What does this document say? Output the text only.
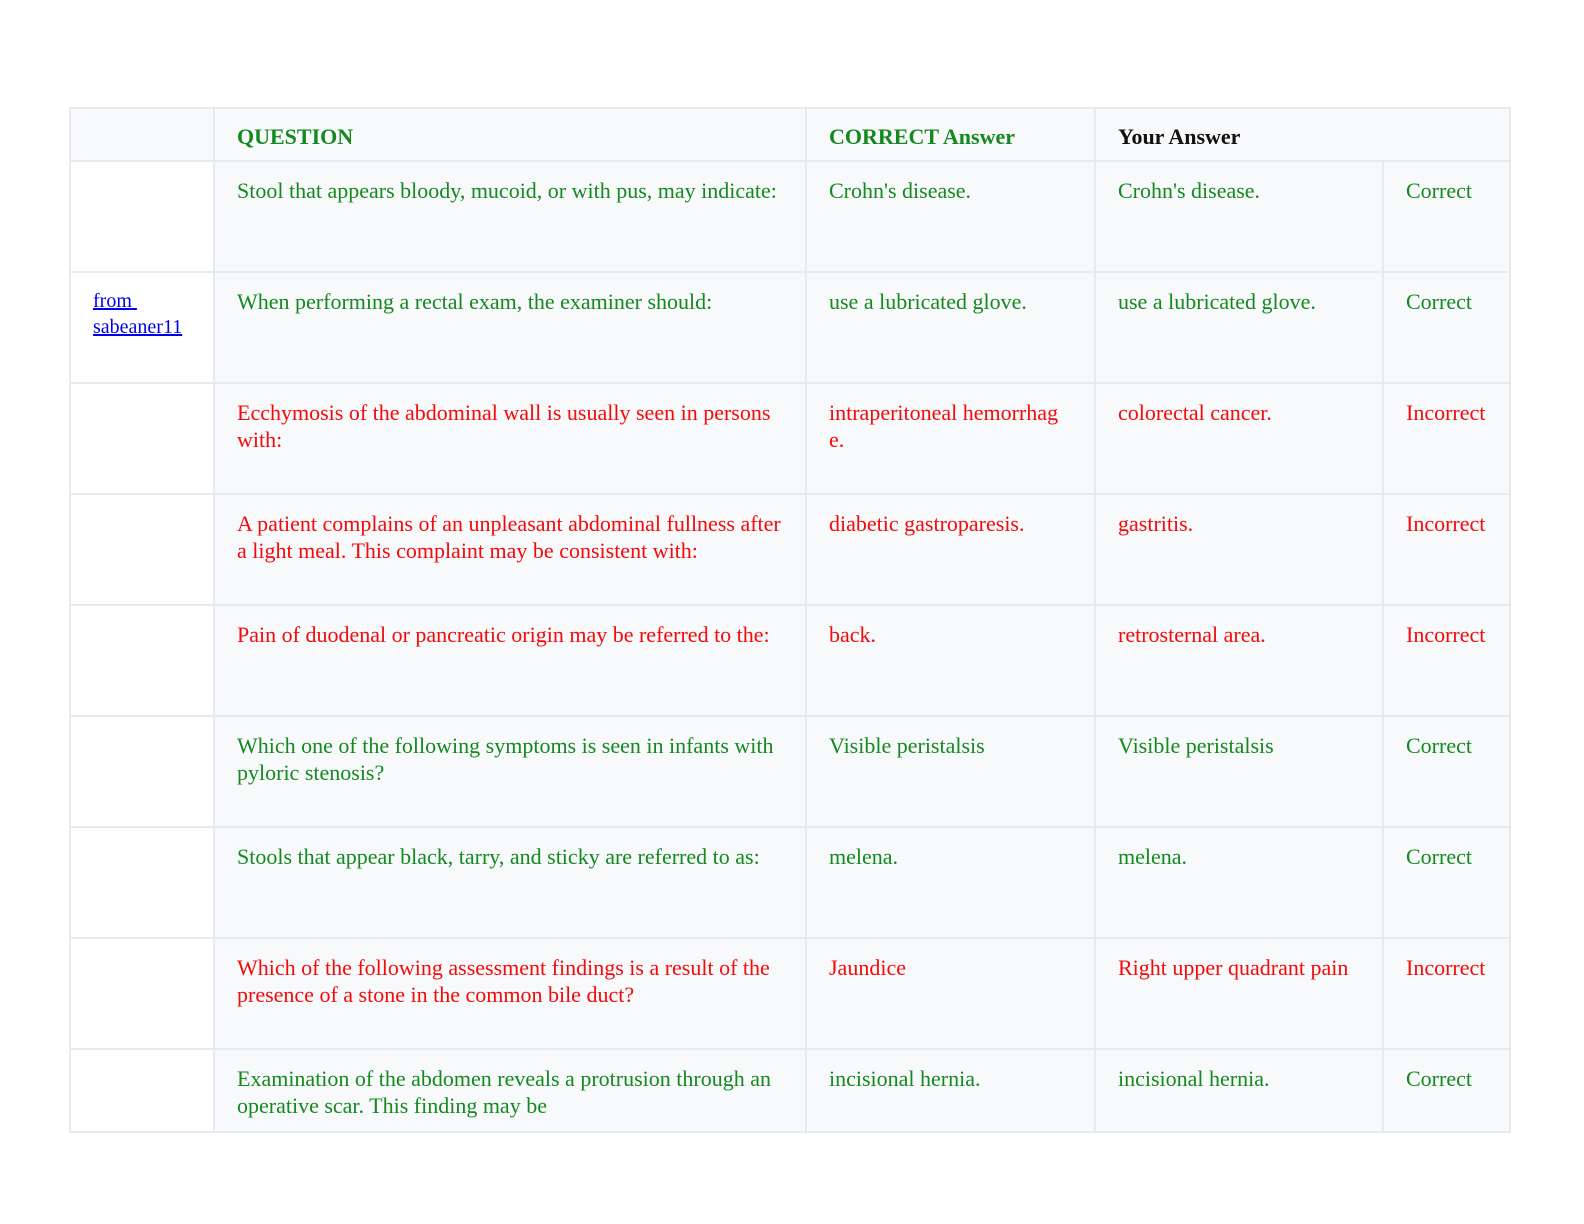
	QUESTION	CORRECT Answer	Your Answer	
	Stool that appears bloody, mucoid, or with pus, may indicate:	Crohn's disease.	Crohn's disease.	Correct
from
sabeaner11	When performing a rectal exam, the examiner should:	use a lubricated glove.	use a lubricated glove.	Correct
	Ecchymosis of the abdominal wall is usually seen in persons with:	intraperitoneal hemorrhage.	colorectal cancer.	Incorrect
	A patient complains of an unpleasant abdominal fullness after a light meal. This complaint may be consistent with:	diabetic gastroparesis.	gastritis.	Incorrect
	Pain of duodenal or pancreatic origin may be referred to the:	back.	retrosternal area.	Incorrect
	Which one of the following symptoms is seen in infants with pyloric stenosis?	Visible peristalsis	Visible peristalsis	Correct
	Stools that appear black, tarry, and sticky are referred to as:	melena.	melena.	Correct
	Which of the following assessment findings is a result of the presence of a stone in the common bile duct?	Jaundice	Right upper quadrant pain	Incorrect
	Examination of the abdomen reveals a protrusion through an operative scar. This finding may be	incisional hernia.	incisional hernia.	Correct
